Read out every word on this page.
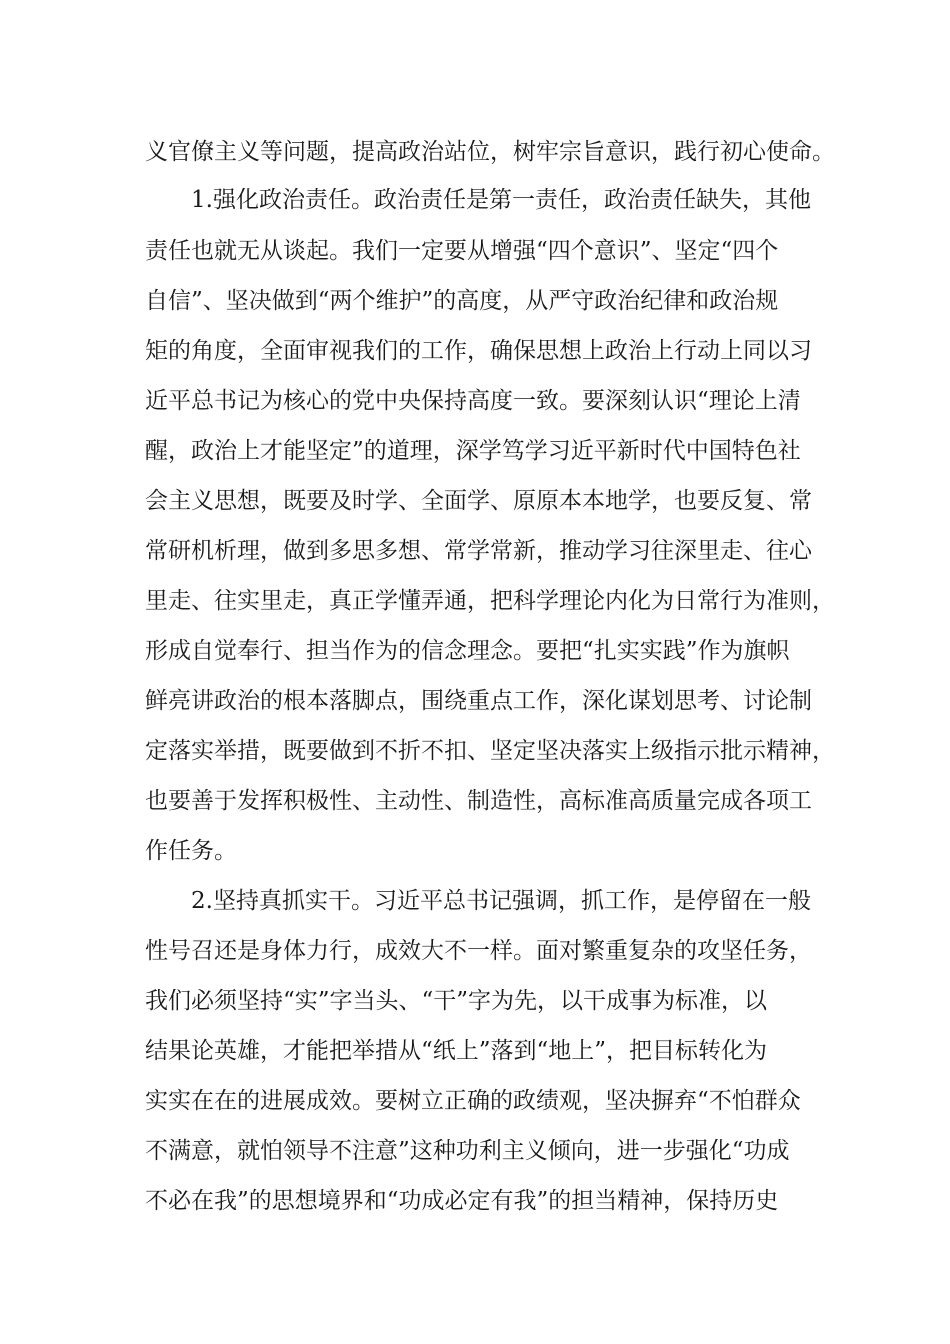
义官僚主义等问题，提高政治站位，树牢宗旨意识，践行初心使命。
1.强化政治责任。政治责任是第一责任，政治责任缺失，其他
责任也就无从谈起。我们一定要从增强“四个意识”、坚定“四个
自信”、坚决做到“两个维护”的高度，从严守政治纪律和政治规
矩的角度，全面审视我们的工作，确保思想上政治上行动上同以习
近平总书记为核心的党中央保持高度一致。要深刻认识“理论上清
醒，政治上才能坚定”的道理，深学笃学习近平新时代中国特色社
会主义思想，既要及时学、全面学、原原本本地学，也要反复、常
常研机析理，做到多思多想、常学常新，推动学习往深里走、往心
里走、往实里走，真正学懂弄通，把科学理论内化为日常行为准则，
形成自觉奉行、担当作为的信念理念。要把“扎实实践”作为旗帜
鲜亮讲政治的根本落脚点，围绕重点工作，深化谋划思考、讨论制
定落实举措，既要做到不折不扣、坚定坚决落实上级指示批示精神，
也要善于发挥积极性、主动性、制造性，高标准高质量完成各项工
作任务。
2.坚持真抓实干。习近平总书记强调，抓工作，是停留在一般
性号召还是身体力行，成效大不一样。面对繁重复杂的攻坚任务，
我们必须坚持“实”字当头、“干”字为先，以干成事为标准，以
结果论英雄，才能把举措从“纸上”落到“地上”，把目标转化为
实实在在的进展成效。要树立正确的政绩观，坚决摒弃“不怕群众
不满意，就怕领导不注意”这种功利主义倾向，进一步强化“功成
不必在我”的思想境界和“功成必定有我”的担当精神，保持历史
